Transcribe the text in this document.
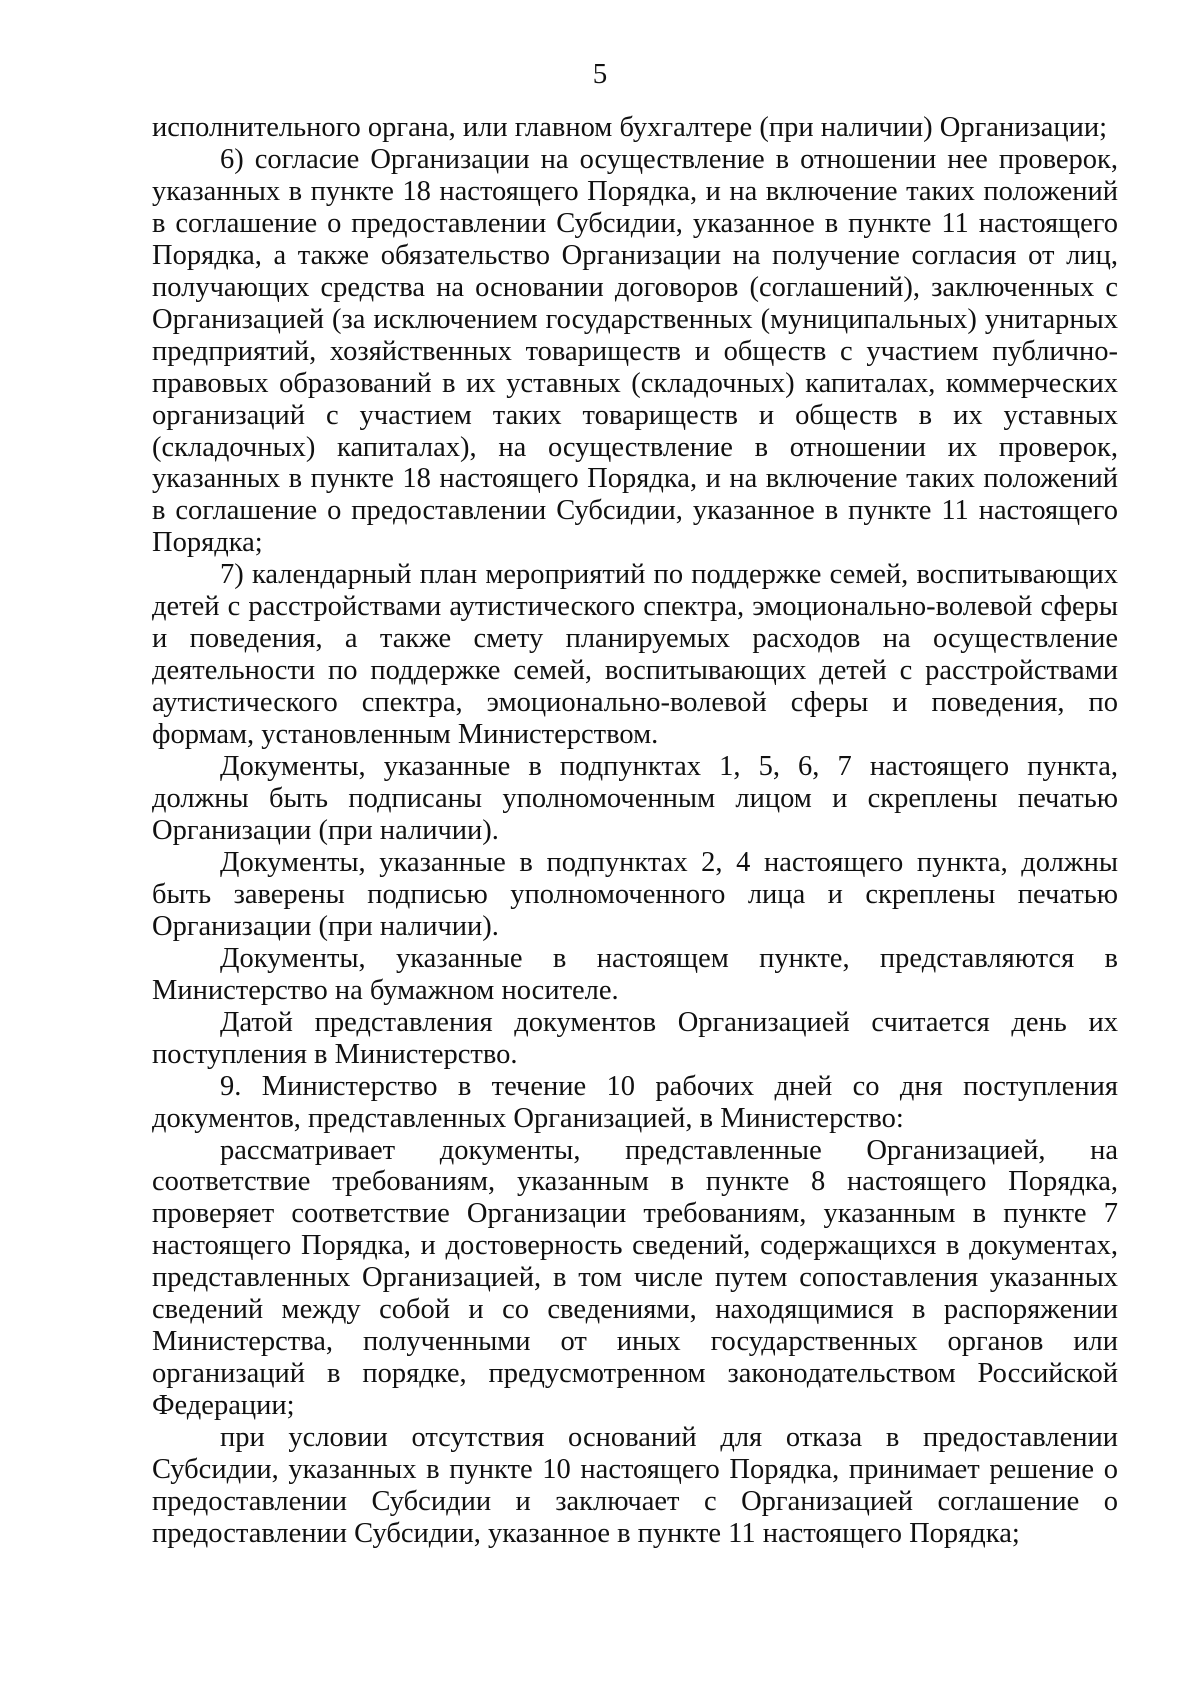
5

исполнительного органа, или главном бухгалтере (при наличии) Организации;

6) согласие Организации на осуществление в отношении нее проверок, указанных в пункте 18 настоящего Порядка, и на включение таких положений в соглашение о предоставлении Субсидии, указанное в пункте 11 настоящего Порядка, а также обязательство Организации на получение согласия от лиц, получающих средства на основании договоров (соглашений), заключенных с Организацией (за исключением государственных (муниципальных) унитарных предприятий, хозяйственных товариществ и обществ с участием публично-правовых образований в их уставных (складочных) капиталах, коммерческих организаций с участием таких товариществ и обществ в их уставных (складочных) капиталах), на осуществление в отношении их проверок, указанных в пункте 18 настоящего Порядка, и на включение таких положений в соглашение о предоставлении Субсидии, указанное в пункте 11 настоящего Порядка;

7) календарный план мероприятий по поддержке семей, воспитывающих детей с расстройствами аутистического спектра, эмоционально-волевой сферы и поведения, а также смету планируемых расходов на осуществление деятельности по поддержке семей, воспитывающих детей с расстройствами аутистического спектра, эмоционально-волевой сферы и поведения, по формам, установленным Министерством.

Документы, указанные в подпунктах 1, 5, 6, 7 настоящего пункта, должны быть подписаны уполномоченным лицом и скреплены печатью Организации (при наличии).

Документы, указанные в подпунктах 2, 4 настоящего пункта, должны быть заверены подписью уполномоченного лица и скреплены печатью Организации (при наличии).

Документы, указанные в настоящем пункте, представляются в Министерство на бумажном носителе.

Датой представления документов Организацией считается день их поступления в Министерство.

9. Министерство в течение 10 рабочих дней со дня поступления документов, представленных Организацией, в Министерство:

рассматривает документы, представленные Организацией, на соответствие требованиям, указанным в пункте 8 настоящего Порядка, проверяет соответствие Организации требованиям, указанным в пункте 7 настоящего Порядка, и достоверность сведений, содержащихся в документах, представленных Организацией, в том числе путем сопоставления указанных сведений между собой и со сведениями, находящимися в распоряжении Министерства, полученными от иных государственных органов или организаций в порядке, предусмотренном законодательством Российской Федерации;

при условии отсутствия оснований для отказа в предоставлении Субсидии, указанных в пункте 10 настоящего Порядка, принимает решение о предоставлении Субсидии и заключает с Организацией соглашение о предоставлении Субсидии, указанное в пункте 11 настоящего Порядка;
